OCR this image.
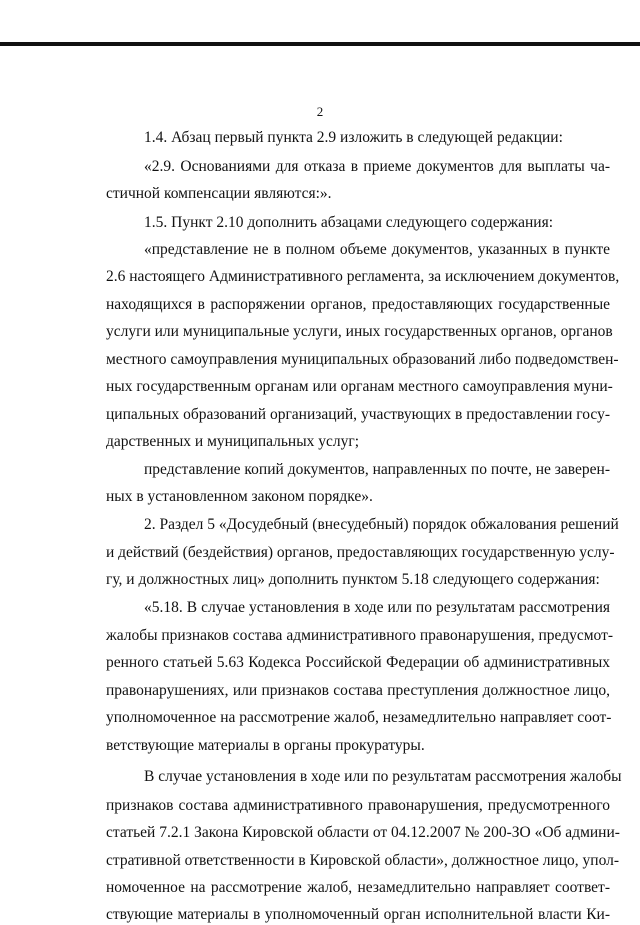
2
1.4. Абзац первый пункта 2.9 изложить в следующей редакции:
«2.9. Основаниями для отказа в приеме документов для выплаты ча-
стичной компенсации являются:».
1.5. Пункт 2.10 дополнить абзацами следующего содержания:
«представление не в полном объеме документов, указанных в пункте
2.6 настоящего Административного регламента, за исключением документов,
находящихся в распоряжении органов, предоставляющих государственные
услуги или муниципальные услуги, иных государственных органов, органов
местного самоуправления муниципальных образований либо подведомствен-
ных государственным органам или органам местного самоуправления муни-
ципальных образований организаций, участвующих в предоставлении госу-
дарственных и муниципальных услуг;
представление копий документов, направленных по почте, не заверен-
ных в установленном законом порядке».
2. Раздел 5 «Досудебный (внесудебный) порядок обжалования решений
и действий (бездействия) органов, предоставляющих государственную услу-
гу, и должностных лиц» дополнить пунктом 5.18 следующего содержания:
«5.18. В случае установления в ходе или по результатам рассмотрения
жалобы признаков состава административного правонарушения, предусмот-
ренного статьей 5.63 Кодекса Российской Федерации об административных
правонарушениях, или признаков состава преступления должностное лицо,
уполномоченное на рассмотрение жалоб, незамедлительно направляет соот-
ветствующие материалы в органы прокуратуры.
В случае установления в ходе или по результатам рассмотрения жалобы
признаков состава административного правонарушения, предусмотренного
статьей 7.2.1 Закона Кировской области от 04.12.2007 № 200-ЗО «Об админи-
стративной ответственности в Кировской области», должностное лицо, упол-
номоченное на рассмотрение жалоб, незамедлительно направляет соответ-
ствующие материалы в уполномоченный орган исполнительной власти Ки-
